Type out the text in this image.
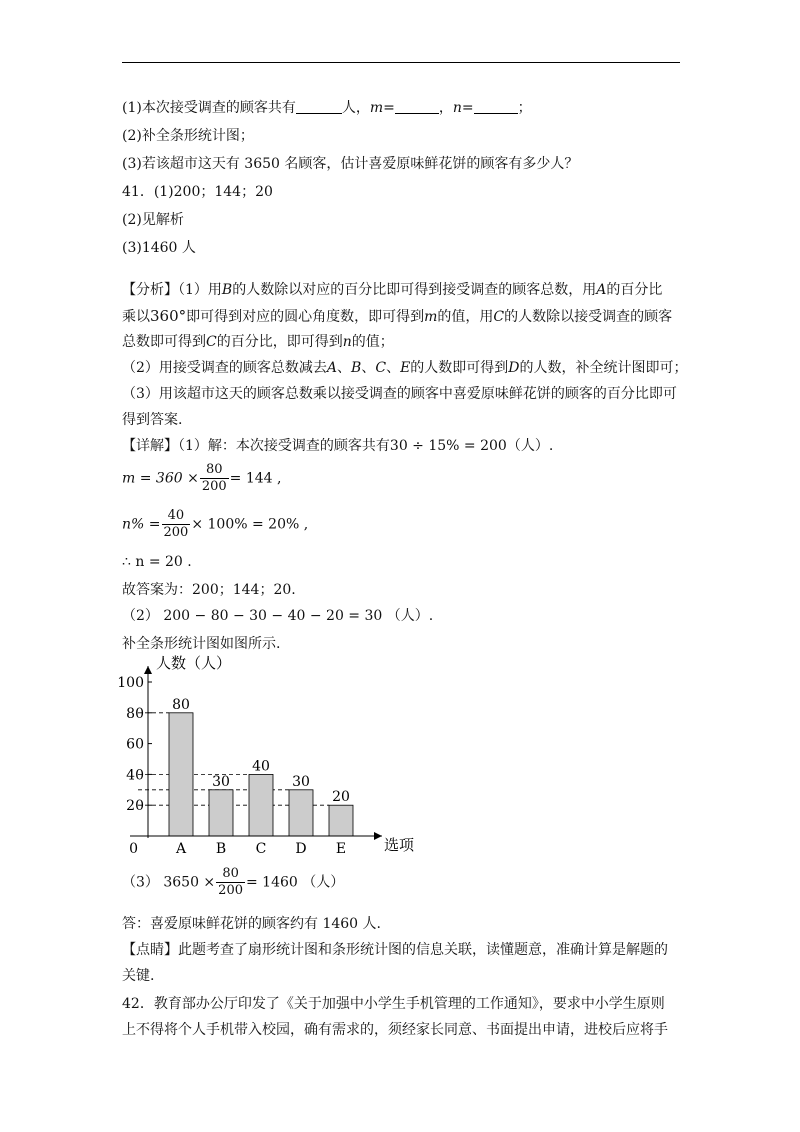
(1)本次接受调查的顾客共有	人，m=	，n=	；
(2)补全条形统计图；
(3)若该超市这天有 3650 名顾客，估计喜爱原味鲜花饼的顾客有多少人？
41．(1)200；144；20
(2)见解析
(3)1460 人
【分析】（1）用B的人数除以对应的百分比即可得到接受调查的顾客总数，用A的百分比
乘以360°即可得到对应的圆心角度数，即可得到m的值，用C的人数除以接受调查的顾客
总数即可得到C的百分比，即可得到n的值；
（2）用接受调查的顾客总数减去A、B、C、E的人数即可得到D的人数，补全统计图即可；
（3）用该超市这天的顾客总数乘以接受调查的顾客中喜爱原味鲜花饼的顾客的百分比即可
得到答案.
【详解】（1）解：本次接受调查的顾客共有30 ÷ 15% = 200（人）.
$m = 360 \times \frac{80}{200} = 144$ ,
$n\% = \frac{40}{200} \times 100\% = 20\%$ ,
∴ n = 20 .
故答案为：200；144；20.
（2） 200 − 80 − 30 − 40 − 20 = 30 （人）.
补全条形统计图如图所示.
80
A
30
B
40
C
30
D
20
E
0
20
40
60
80
100
人数（人）
选项
（3） $3650 \times \frac{80}{200} = 1460$ （人）
答：喜爱原味鲜花饼的顾客约有 1460 人.
【点睛】此题考查了扇形统计图和条形统计图的信息关联，读懂题意，准确计算是解题的
关键.
42．教育部办公厅印发了《关于加强中小学生手机管理的工作通知》，要求中小学生原则
上不得将个人手机带入校园，确有需求的，须经家长同意、书面提出申请，进校后应将手
